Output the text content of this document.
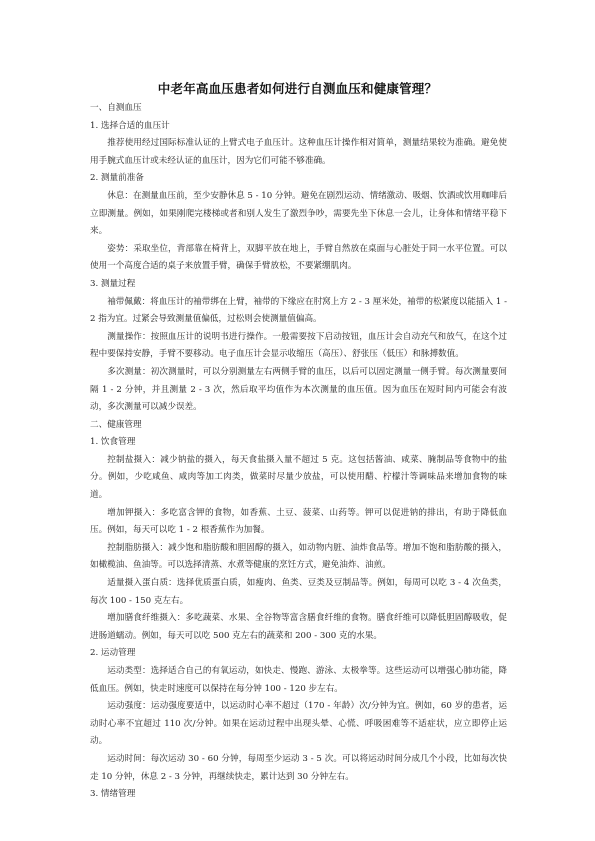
中老年高血压患者如何进行自测血压和健康管理？

一、自测血压

1. 选择合适的血压计

推荐使用经过国际标准认证的上臂式电子血压计。这种血压计操作相对简单，测量结果较为准确。避免使用手腕式血压计或未经认证的血压计，因为它们可能不够准确。

2. 测量前准备

休息：在测量血压前，至少安静休息 5 - 10 分钟。避免在剧烈运动、情绪激动、吸烟、饮酒或饮用咖啡后立即测量。例如，如果刚爬完楼梯或者和别人发生了激烈争吵，需要先坐下休息一会儿，让身体和情绪平稳下来。

姿势：采取坐位，背部靠在椅背上，双脚平放在地上，手臂自然放在桌面与心脏处于同一水平位置。可以使用一个高度合适的桌子来放置手臂，确保手臂放松，不要紧绷肌肉。

3. 测量过程

袖带佩戴：将血压计的袖带绑在上臂，袖带的下缘应在肘窝上方 2 - 3 厘米处，袖带的松紧度以能插入 1 - 2 指为宜。过紧会导致测量值偏低，过松则会使测量值偏高。

测量操作：按照血压计的说明书进行操作。一般需要按下启动按钮，血压计会自动充气和放气，在这个过程中要保持安静，手臂不要移动。电子血压计会显示收缩压（高压）、舒张压（低压）和脉搏数值。

多次测量：初次测量时，可以分别测量左右两侧手臂的血压，以后可以固定测量一侧手臂。每次测量要间隔 1 - 2 分钟，并且测量 2 - 3 次，然后取平均值作为本次测量的血压值。因为血压在短时间内可能会有波动，多次测量可以减少误差。

二、健康管理

1. 饮食管理

控制盐摄入：减少钠盐的摄入，每天食盐摄入量不超过 5 克。这包括酱油、咸菜、腌制品等食物中的盐分。例如，少吃咸鱼、咸肉等加工肉类，做菜时尽量少放盐，可以使用醋、柠檬汁等调味品来增加食物的味道。

增加钾摄入：多吃富含钾的食物，如香蕉、土豆、菠菜、山药等。钾可以促进钠的排出，有助于降低血压。例如，每天可以吃 1 - 2 根香蕉作为加餐。

控制脂肪摄入：减少饱和脂肪酸和胆固醇的摄入，如动物内脏、油炸食品等。增加不饱和脂肪酸的摄入，如橄榄油、鱼油等。可以选择清蒸、水煮等健康的烹饪方式，避免油炸、油煎。

适量摄入蛋白质：选择优质蛋白质，如瘦肉、鱼类、豆类及豆制品等。例如，每周可以吃 3 - 4 次鱼类，每次 100 - 150 克左右。

增加膳食纤维摄入：多吃蔬菜、水果、全谷物等富含膳食纤维的食物。膳食纤维可以降低胆固醇吸收，促进肠道蠕动。例如，每天可以吃 500 克左右的蔬菜和 200 - 300 克的水果。

2. 运动管理

运动类型：选择适合自己的有氧运动，如快走、慢跑、游泳、太极拳等。这些运动可以增强心肺功能，降低血压。例如，快走时速度可以保持在每分钟 100 - 120 步左右。

运动强度：运动强度要适中，以运动时心率不超过（170 - 年龄）次/分钟为宜。例如，60 岁的患者，运动时心率不宜超过 110 次/分钟。如果在运动过程中出现头晕、心慌、呼吸困难等不适症状，应立即停止运动。

运动时间：每次运动 30 - 60 分钟，每周至少运动 3 - 5 次。可以将运动时间分成几个小段，比如每次快走 10 分钟，休息 2 - 3 分钟，再继续快走，累计达到 30 分钟左右。

3. 情绪管理
